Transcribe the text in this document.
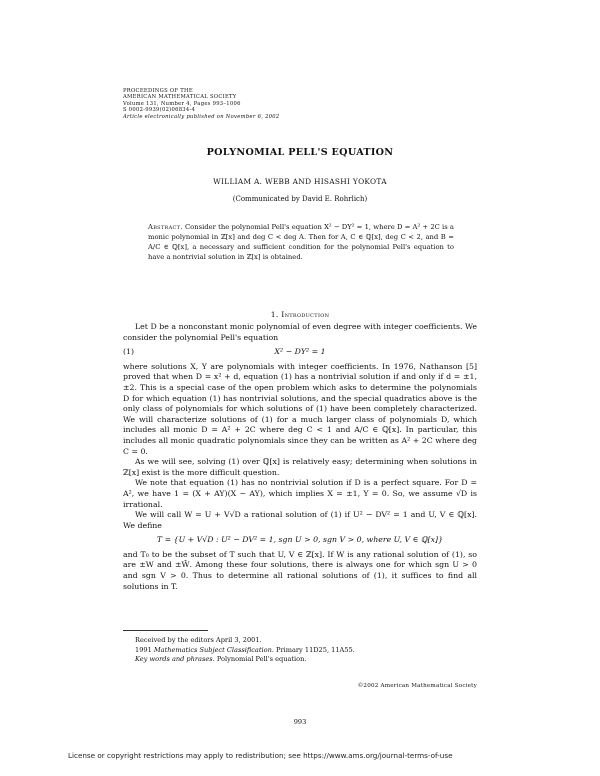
PROCEEDINGS OF THE
AMERICAN MATHEMATICAL SOCIETY
Volume 131, Number 4, Pages 993–1006
S 0002-9939(02)06834-4
Article electronically published on November 6, 2002
POLYNOMIAL PELL'S EQUATION
WILLIAM A. WEBB AND HISASHI YOKOTA
(Communicated by David E. Rohrlich)
Abstract. Consider the polynomial Pell's equation X² − DY² = 1, where D = A² + 2C is a monic polynomial in ℤ[x] and deg C < deg A. Then for A, C ∈ ℚ[x], deg C < 2, and B = A/C ∈ ℚ[x], a necessary and sufficient condition for the polynomial Pell's equation to have a nontrivial solution in ℤ[x] is obtained.
1. Introduction

Let D be a nonconstant monic polynomial of even degree with integer coefficients. We consider the polynomial Pell's equation

(1)	X² − DY² = 1

where solutions X, Y are polynomials with integer coefficients. In 1976, Nathanson [5] proved that when D = x² + d, equation (1) has a nontrivial solution if and only if d = ±1, ±2. This is a special case of the open problem which asks to determine the polynomials D for which equation (1) has nontrivial solutions, and the special quadratics above is the only class of polynomials for which solutions of (1) have been completely characterized. We will characterize solutions of (1) for a much larger class of polynomials D, which includes all monic D = A² + 2C where deg C < 1 and A/C ∈ ℚ[x]. In particular, this includes all monic quadratic polynomials since they can be written as A² + 2C where deg C = 0.

As we will see, solving (1) over ℚ[x] is relatively easy; determining when solutions in ℤ[x] exist is the more difficult question.

We note that equation (1) has no nontrivial solution if D is a perfect square. For D = A², we have 1 = (X + AY)(X − AY), which implies X = ±1, Y = 0. So, we assume √D is irrational.

We will call W = U + V√D a rational solution of (1) if U² − DV² = 1 and U, V ∈ ℚ[x]. We define

T = {U + V√D : U² − DV² = 1, sgn U > 0, sgn V > 0, where U, V ∈ ℚ[x]}

and T₀ to be the subset of T such that U, V ∈ ℤ[x]. If W is any rational solution of (1), so are ±W and ±W̄. Among these four solutions, there is always one for which sgn U > 0 and sgn V > 0. Thus to determine all rational solutions of (1), it suffices to find all solutions in T.

Received by the editors April 3, 2001.
1991 Mathematics Subject Classification. Primary 11D25, 11A55.
Key words and phrases. Polynomial Pell's equation.
©2002 American Mathematical Society
993
License or copyright restrictions may apply to redistribution; see https://www.ams.org/journal-terms-of-use
